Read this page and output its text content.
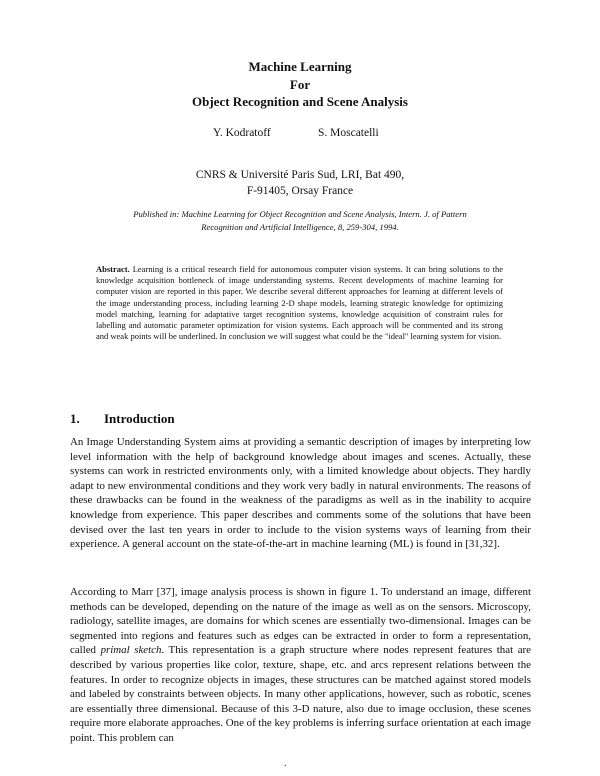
Machine Learning
For
Object Recognition and Scene Analysis
Y. Kodratoff	S. Moscatelli
CNRS & Université Paris Sud, LRI, Bat 490,
F-91405, Orsay France
Published in: Machine Learning for Object Recognition and Scene Analysis, Intern. J. of Pattern
Recognition and Artificial Intelligence, 8, 259-304, 1994.
Abstract. Learning is a critical research field for autonomous computer vision systems. It can bring solutions to the knowledge acquisition bottleneck of image understanding systems. Recent developments of machine learning for computer vision are reported in this paper. We describe several different approaches for learning at different levels of the image understanding process, including learning 2-D shape models, learning strategic knowledge for optimizing model matching, learning for adaptative target recognition systems, knowledge acquisition of constraint rules for labelling and automatic parameter optimization for vision systems. Each approach will be commented and its strong and weak points will be underlined. In conclusion we will suggest what could be the "ideal" learning system for vision.
1. Introduction
An Image Understanding System aims at providing a semantic description of images by interpreting low level information with the help of background knowledge about images and scenes. Actually, these systems can work in restricted environments only, with a limited knowledge about objects. They hardly adapt to new environmental conditions and they work very badly in natural environments. The reasons of these drawbacks can be found in the weakness of the paradigms as well as in the inability to acquire knowledge from experience. This paper describes and comments some of the solutions that have been devised over the last ten years in order to include to the vision systems ways of learning from their experience. A general account on the state-of-the-art in machine learning (ML) is found in [31,32].
According to Marr [37], image analysis process is shown in figure 1. To understand an image, different methods can be developed, depending on the nature of the image as well as on the sensors. Microscopy, radiology, satellite images, are domains for which scenes are essentially two-dimensional. Images can be segmented into regions and features such as edges can be extracted in order to form a representation, called primal sketch. This representation is a graph structure where nodes represent features that are described by various properties like color, texture, shape, etc. and arcs represent relations between the features. In order to recognize objects in images, these structures can be matched against stored models and labeled by constraints between objects. In many other applications, however, such as robotic, scenes are essentially three dimensional. Because of this 3-D nature, also due to image occlusion, these scenes require more elaborate approaches. One of the key problems is inferring surface orientation at each image point. This problem can
.
